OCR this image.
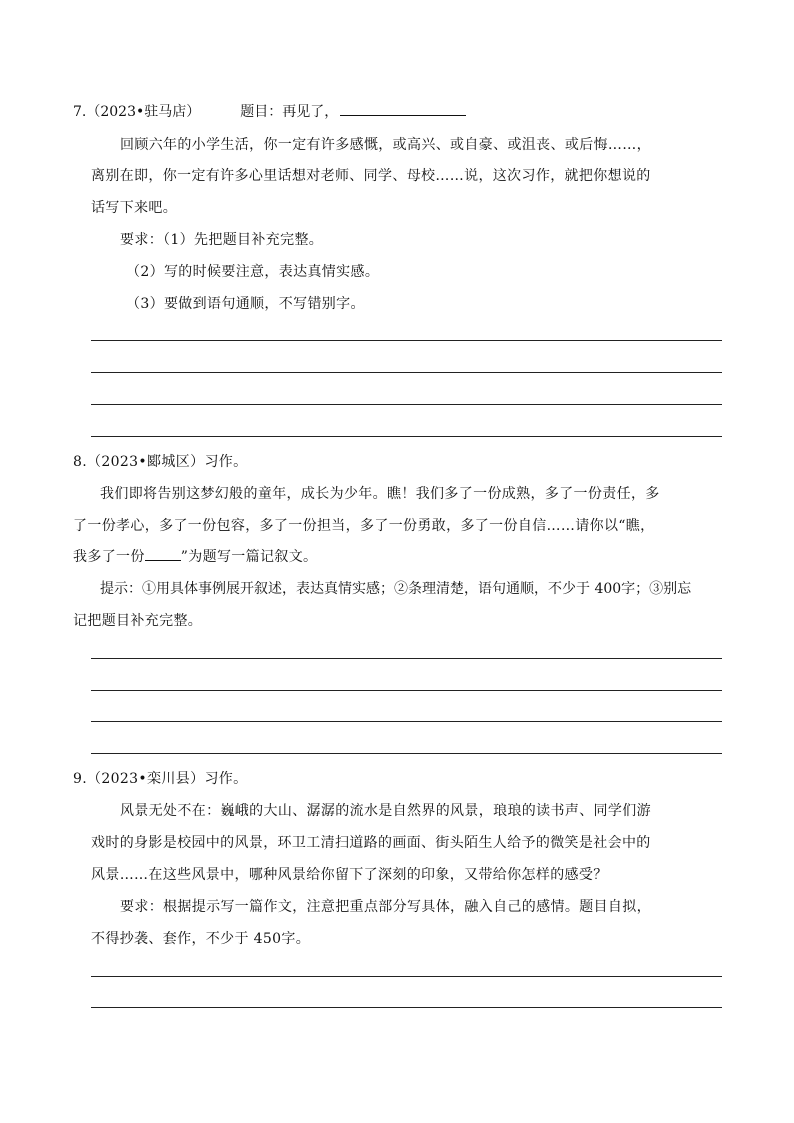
7.（2023•驻马店）	题目：再见了，
回顾六年的小学生活，你一定有许多感慨，或高兴、或自豪、或沮丧、或后悔……，
离别在即，你一定有许多心里话想对老师、同学、母校……说，这次习作，就把你想说的
话写下来吧。
要求：（1）先把题目补充完整。
（2）写的时候要注意，表达真情实感。
（3）要做到语句通顺，不写错别字。
8.（2023•郾城区）习作。
我们即将告别这梦幻般的童年，成长为少年。瞧！我们多了一份成熟，多了一份责任，多
了一份孝心，多了一份包容，多了一份担当，多了一份勇敢，多了一份自信……请你以“瞧，
我多了一份	”为题写一篇记叙文。
提示：①用具体事例展开叙述，表达真情实感；②条理清楚，语句通顺，不少于 400字；③别忘
记把题目补充完整。
9.（2023•栾川县）习作。
风景无处不在：巍峨的大山、潺潺的流水是自然界的风景，琅琅的读书声、同学们游
戏时的身影是校园中的风景，环卫工清扫道路的画面、街头陌生人给予的微笑是社会中的
风景……在这些风景中，哪种风景给你留下了深刻的印象，又带给你怎样的感受？
要求：根据提示写一篇作文，注意把重点部分写具体，融入自己的感情。题目自拟，
不得抄袭、套作，不少于 450字。
